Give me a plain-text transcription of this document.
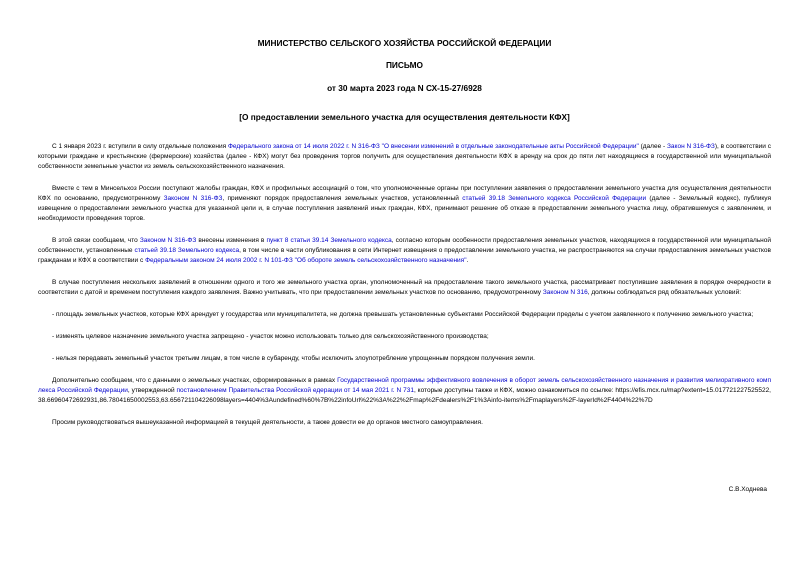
МИНИСТЕРСТВО СЕЛЬСКОГО ХОЗЯЙСТВА РОССИЙСКОЙ ФЕДЕРАЦИИ
ПИСЬМО
от 30 марта 2023 года N СХ-15-27/6928
[О предоставлении земельного участка для осуществления деятельности КФХ]

С 1 января 2023 г. вступили в силу отдельные положения Федерального закона от 14 июля 2022 г. N 316-ФЗ "О внесении изменений в отдельные законодательные акты Российской Федерации" (далее - Закон N 316-ФЗ), в соответствии с которыми граждане и крестьянские (фермерские) хозяйства (далее - КФХ) могут без проведения торгов получить для осуществления деятельности КФХ в аренду на срок до пяти лет находящиеся в государственной или муниципальной собственности земельные участки из земель сельскохозяйственного назначения.

Вместе с тем в Минсельхоз России поступают жалобы граждан, КФХ и профильных ассоциаций о том, что уполномоченные органы при поступлении заявления о предоставлении земельного участка для осуществления деятельности КФХ по основанию, предусмотренному Законом N 316-ФЗ, применяют порядок предоставления земельных участков, установленный статьей 39.18 Земельного кодекса Российской Федерации (далее - Земельный кодекс), публикуя извещение о предоставлении земельного участка для указанной цели и, в случае поступления заявлений иных граждан, КФХ, принимают решение об отказе в предоставлении земельного участка лицу, обратившемуся с заявлением, и необходимости проведения торгов.

В этой связи сообщаем, что Законом N 316-ФЗ внесены изменения в пункт 8 статьи 39.14 Земельного кодекса, согласно которым особенности предоставления земельных участков, находящихся в государственной или муниципальной собственности, установленные статьей 39.18 Земельного кодекса, в том числе в части опубликования в сети Интернет извещения о предоставлении земельного участка, не распространяются на случаи предоставления земельных участков гражданам и КФХ в соответствии с Федеральным законом 24 июля 2002 г. N 101-ФЗ "Об обороте земель сельскохозяйственного назначения".

В случае поступления нескольких заявлений в отношении одного и того же земельного участка орган, уполномоченный на предоставление такого земельного участка, рассматривает поступившие заявления в порядке очередности в соответствии с датой и временем поступления каждого заявления. Важно учитывать, что при предоставлении земельных участков по основанию, предусмотренному Законом N 316, должны соблюдаться ряд обязательных условий:

- площадь земельных участков, которые КФХ арендует у государства или муниципалитета, не должна превышать установленные субъектами Российской Федерации пределы с учетом заявленного к получению земельного участка;

- изменять целевое назначение земельного участка запрещено - участок можно использовать только для сельскохозяйственного производства;

- нельзя передавать земельный участок третьим лицам, в том числе в субаренду, чтобы исключить злоупотребление упрощенным порядком получения земли.

Дополнительно сообщаем, что с данными о земельных участках, сформированных в рамках Государственной программы эффективного вовлечения в оборот земель сельскохозяйственного назначения и развития мелиоративного комплекса Российской Федерации, утвержденной постановлением Правительства Российской едерации от 14 мая 2021 г. N 731, которые доступны также и КФХ, можно ознакомиться по ссылке: https://efis.mcx.ru/map?extent=15.017721227525522,38.66960472692931,86.78041650002553,63.656721104226098layers=4404%3Aundefined%60%7B%22infoUrl%22%3A%22%2Fmap%2Fdealers%2F1%3Ainfo-items%2Fmaplayers%2F-layerId%2F4404%22%7D

Просим руководствоваться вышеуказанной информацией в текущей деятельности, а также довести ее до органов местного самоуправления.

С.В.Ходнева
